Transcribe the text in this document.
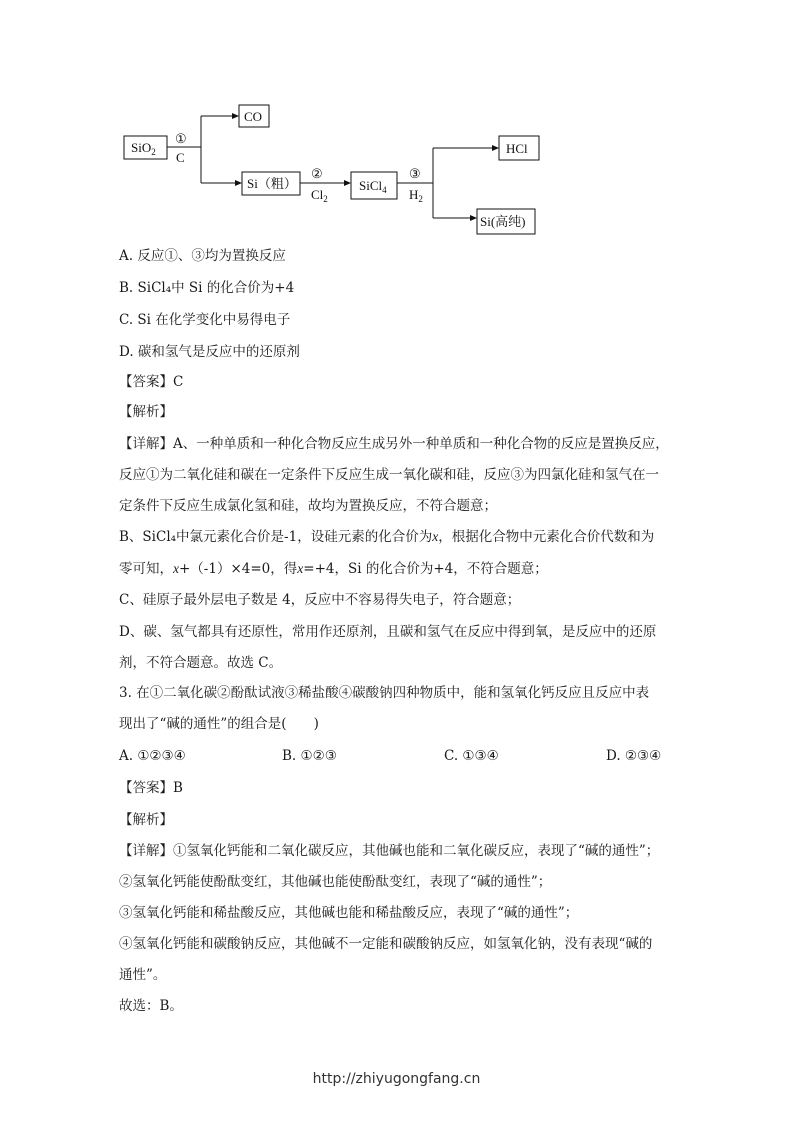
SiO$_2$
CO
Si（粗）	SiCl$_4$
HCl
Si(高纯)
①
C
②
$Cl_2$
③
$H_2$

A. 反应①、③均为置换反应

B. SiCl₄中 Si 的化合价为+4

C. Si 在化学变化中易得电子

D. 碳和氢气是反应中的还原剂

【答案】C

【解析】

【详解】A、一种单质和一种化合物反应生成另外一种单质和一种化合物的反应是置换反应，

反应①为二氧化硅和碳在一定条件下反应生成一氧化碳和硅，反应③为四氯化硅和氢气在一

定条件下反应生成氯化氢和硅，故均为置换反应，不符合题意；

B、SiCl₄中氯元素化合价是-1，设硅元素的化合价为x，根据化合物中元素化合价代数和为

零可知，x+（-1）×4=0，得x=+4，Si 的化合价为+4，不符合题意；

C、硅原子最外层电子数是 4，反应中不容易得失电子，符合题意；

D、碳、氢气都具有还原性，常用作还原剂，且碳和氢气在反应中得到氧，是反应中的还原

剂，不符合题意。故选 C。

3. 在①二氧化碳②酚酞试液③稀盐酸④碳酸钠四种物质中，能和氢氧化钙反应且反应中表

现出了“碱的通性”的组合是(　　)

A. ①②③④	B. ①②③	C. ①③④	D. ②③④

【答案】B

【解析】

【详解】①氢氧化钙能和二氧化碳反应，其他碱也能和二氧化碳反应，表现了“碱的通性”；

②氢氧化钙能使酚酞变红，其他碱也能使酚酞变红，表现了“碱的通性”；

③氢氧化钙能和稀盐酸反应，其他碱也能和稀盐酸反应，表现了“碱的通性”；

④氢氧化钙能和碳酸钠反应，其他碱不一定能和碳酸钠反应，如氢氧化钠，没有表现“碱的

通性”。

故选：B。

http://zhiyugongfang.cn
